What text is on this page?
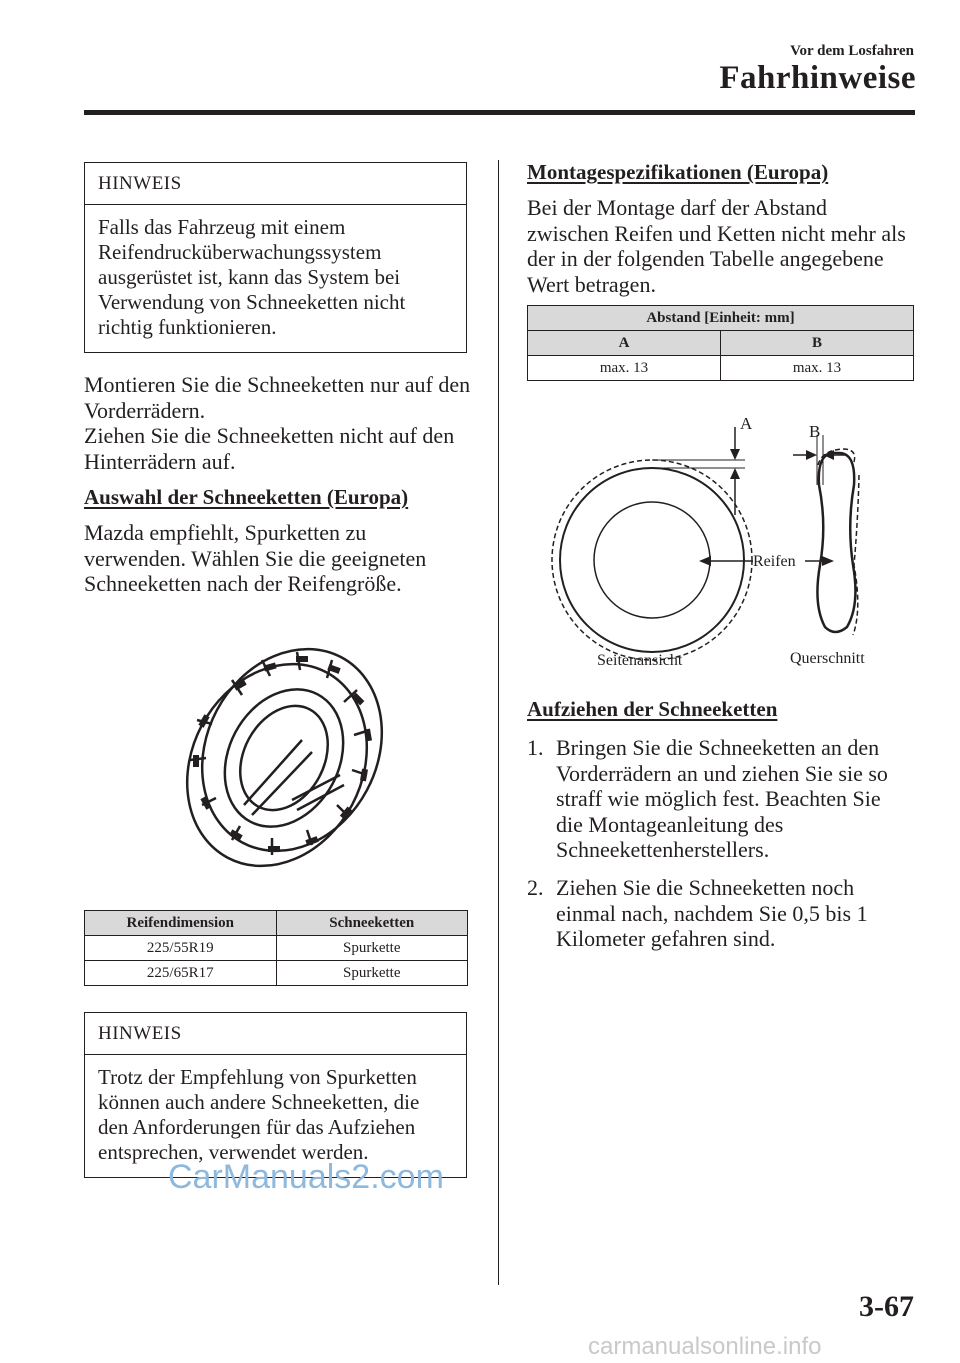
Vor dem Losfahren
Fahrhinweise
HINWEIS
Falls das Fahrzeug mit einem Reifendrucküberwachungssystem ausgerüstet ist, kann das System bei Verwendung von Schneeketten nicht richtig funktionieren.
Montieren Sie die Schneeketten nur auf den Vorderrädern.
Ziehen Sie die Schneeketten nicht auf den Hinterrädern auf.
Auswahl der Schneeketten (Europa)
Mazda empfiehlt, Spurketten zu verwenden. Wählen Sie die geeigneten Schneeketten nach der Reifengröße.
Reifendimension	Schneeketten
225/55R19	Spurkette
225/65R17	Spurkette
HINWEIS
Trotz der Empfehlung von Spurketten können auch andere Schneeketten, die den Anforderungen für das Aufziehen entsprechen, verwendet werden.
Montagespezifikationen (Europa)
Bei der Montage darf der Abstand zwischen Reifen und Ketten nicht mehr als der in der folgenden Tabelle angegebene Wert betragen.
Abstand [Einheit: mm]	
A	B
max. 13	max. 13
A	B
Reifen
Seitenansicht	Querschnitt
Aufziehen der Schneeketten
1. Bringen Sie die Schneeketten an den Vorderrädern an und ziehen Sie sie so straff wie möglich fest. Beachten Sie die Montageanleitung des Schneekettenherstellers.
2. Ziehen Sie die Schneeketten noch einmal nach, nachdem Sie 0,5 bis 1 Kilometer gefahren sind.
3-67
CarManuals2.com
carmanualsonline.info
